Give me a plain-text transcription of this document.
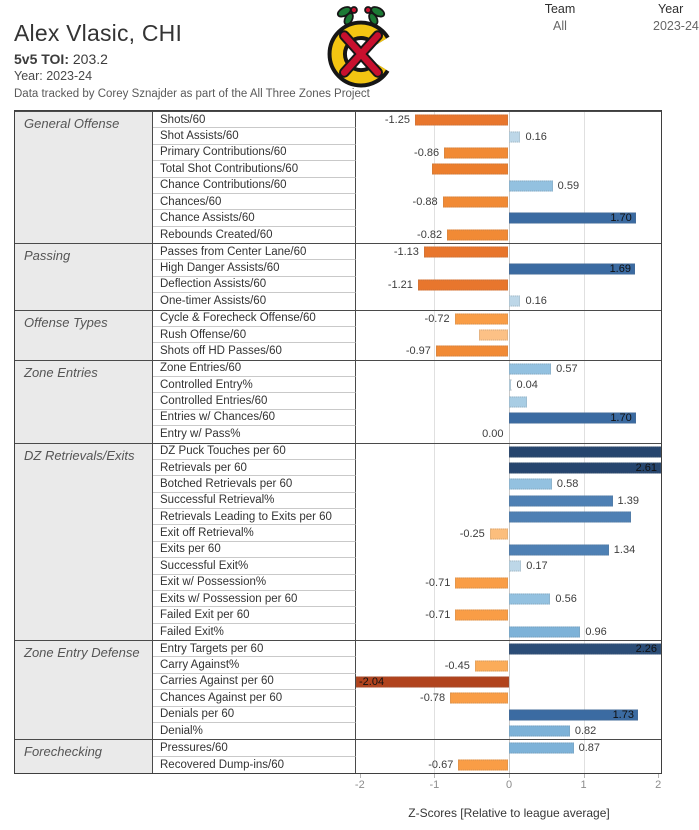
Alex Vlasic, CHI
5v5 TOI: 203.2
Year: 2023-24
Data tracked by Corey Sznajder as part of the All Three Zones Project
Team
All
Year
2023-24
General Offense	Shots/60	-1.25
Shot Assists/60	0.16
Primary Contributions/60	-0.86
Total Shot Contributions/60
Chance Contributions/60	0.59
Chances/60	-0.88
Chance Assists/60	1.70
Rebounds Created/60	-0.82
Passing	Passes from Center Lane/60	-1.13
High Danger Assists/60	1.69
Deflection Assists/60	-1.21
One-timer Assists/60	0.16
Offense Types	Cycle & Forecheck Offense/60	-0.72
Rush Offense/60
Shots off HD Passes/60	-0.97
Zone Entries	Zone Entries/60	0.57
Controlled Entry%	0.04
Controlled Entries/60
Entries w/ Chances/60	1.70
Entry w/ Pass%	0.00
DZ Retrievals/Exits	DZ Puck Touches per 60
Retrievals per 60	2.61
Botched Retrievals per 60	0.58
Successful Retrieval%	1.39
Retrievals Leading to Exits per 60
Exit off Retrieval%	-0.25
Exits per 60	1.34
Successful Exit%	0.17
Exit w/ Possession%	-0.71
Exits w/ Possession per 60	0.56
Failed Exit per 60	-0.71
Failed Exit%	0.96
Zone Entry Defense	Entry Targets per 60	2.26
Carry Against%	-0.45
Carries Against per 60	-2.04
Chances Against per 60	-0.78
Denials per 60	1.73
Denial%	0.82
Forechecking	Pressures/60	0.87
Recovered Dump-ins/60	-0.67
-2	-1	0	1	2
Z-Scores [Relative to league average]
